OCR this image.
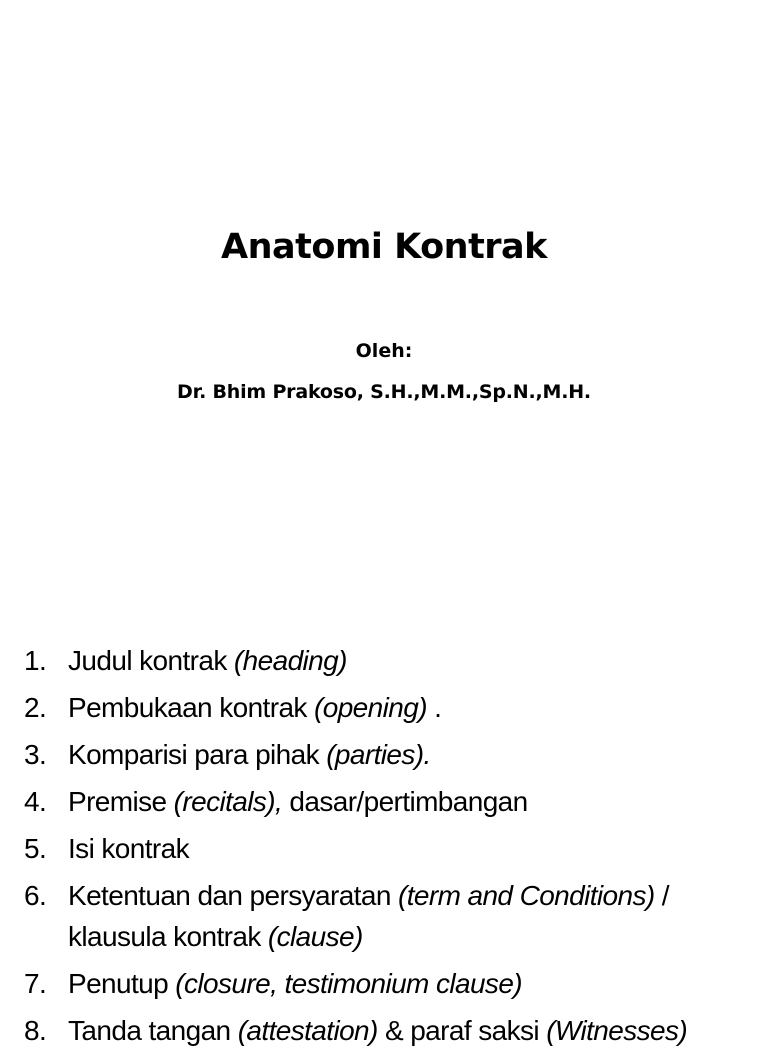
Anatomi Kontrak

Oleh:

Dr. Bhim Prakoso, S.H.,M.M.,Sp.N.,M.H.

1. Judul kontrak (heading)
2. Pembukaan kontrak (opening) .
3. Komparisi para pihak (parties).
4. Premise (recitals), dasar/pertimbangan
5. Isi kontrak
6. Ketentuan dan persyaratan (term and Conditions) / klausula kontrak (clause)
7. Penutup (closure, testimonium clause)
8. Tanda tangan (attestation) & paraf saksi (Witnesses)
